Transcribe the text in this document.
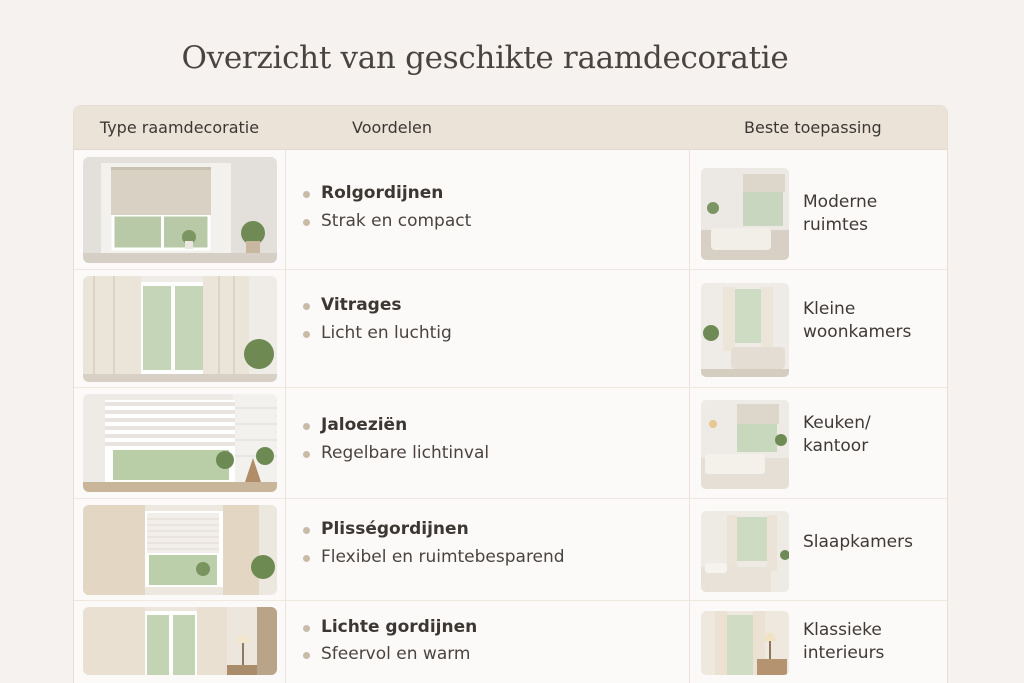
Overzicht van geschikte raamdecoratie
Type raamdecoratie	Voordelen	Beste toepassing
Rolgordijnen
Strak en compact
Moderne
ruimtes
Vitrages
Licht en luchtig
Kleine
woonkamers
Jaloeziën
Regelbare lichtinval
Keuken/
kantoor
Plisségordijnen
Flexibel en ruimtebesparend
Slaapkamers
Lichte gordijnen
Sfeervol en warm
Klassieke
interieurs
